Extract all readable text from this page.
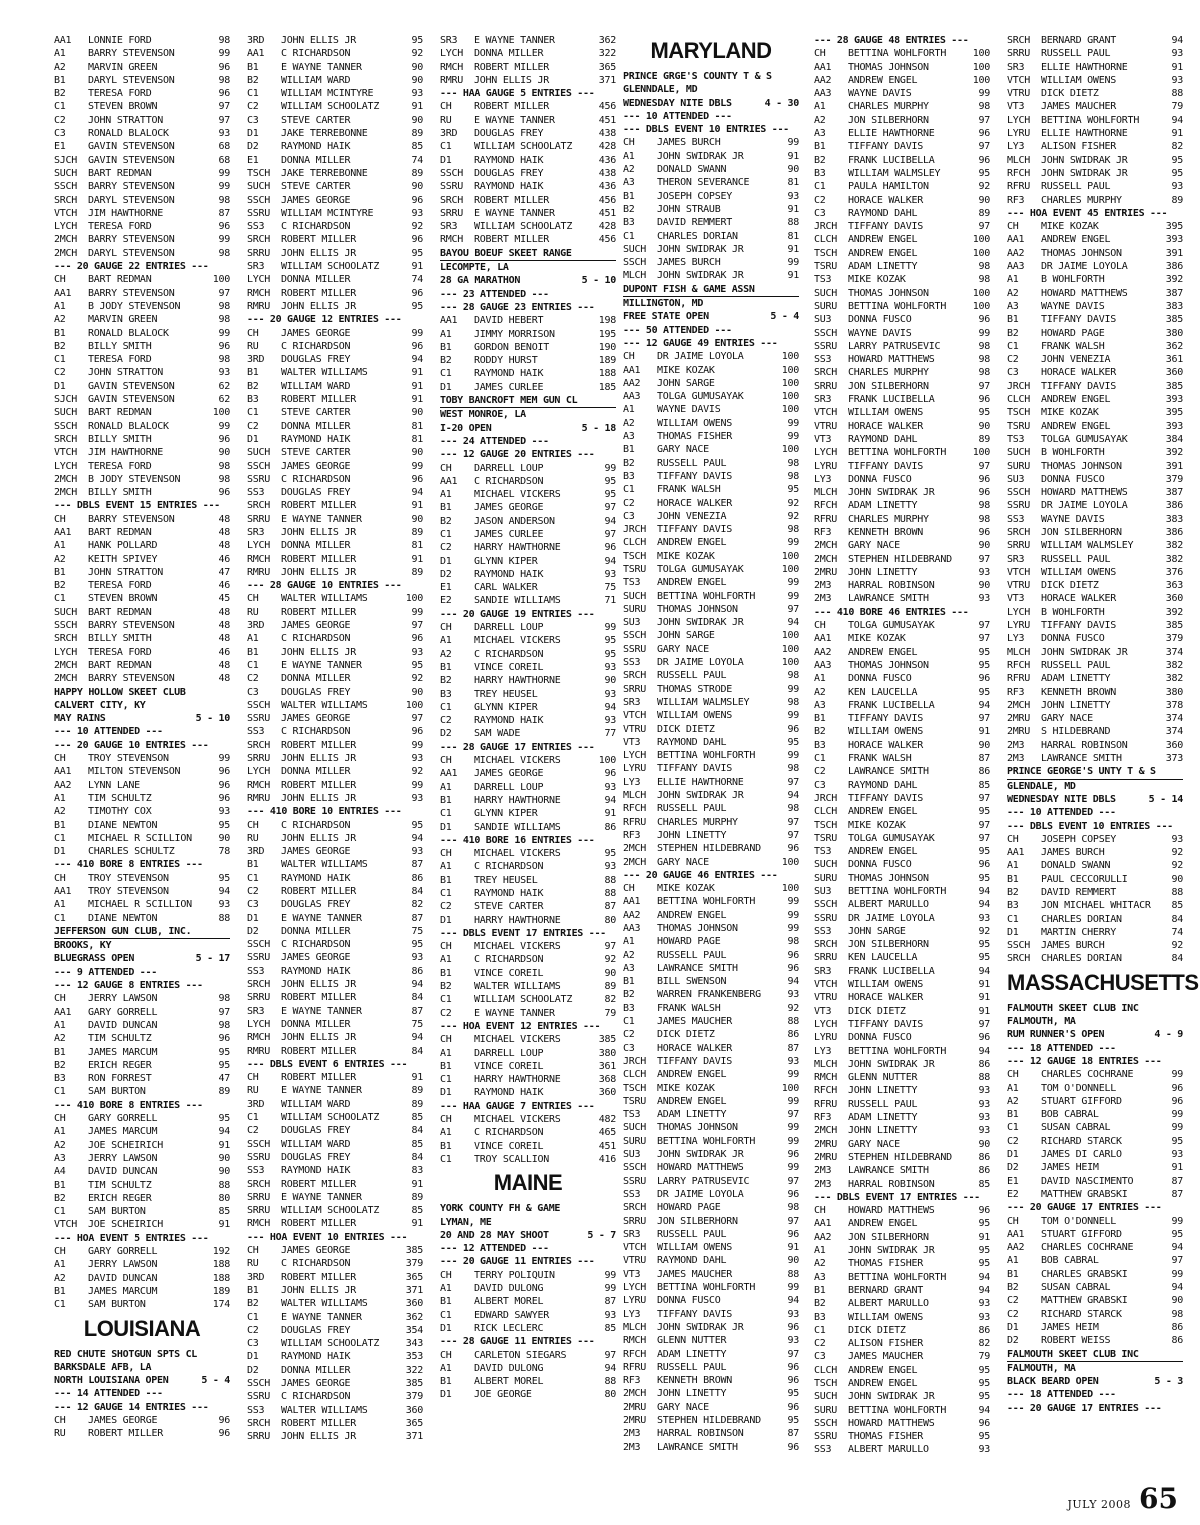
AA1	LONNIE FORD	98
A1	BARRY STEVENSON	99
A2	MARVIN GREEN	96
B1	DARYL STEVENSON	98
B2	TERESA FORD	96
C1	STEVEN BROWN	97
C2	JOHN STRATTON	97
C3	RONALD BLALOCK	93
E1	GAVIN STEVENSON	68
SJCH	GAVIN STEVENSON	68
SUCH	BART REDMAN	99
SSCH	BARRY STEVENSON	99
SRCH	DARYL STEVENSON	98
VTCH	JIM HAWTHORNE	87
LYCH	TERESA FORD	96
2MCH	BARRY STEVENSON	99
2MCH	DARYL STEVENSON	98
--- 20 GAUGE 22 ENTRIES ---
CH	BART REDMAN	100
AA1	BARRY STEVENSON	97
A1	B JODY STEVENSON	98
A2	MARVIN GREEN	98
B1	RONALD BLALOCK	99
B2	BILLY SMITH	96
C1	TERESA FORD	98
C2	JOHN STRATTON	93
D1	GAVIN STEVENSON	62
SJCH	GAVIN STEVENSON	62
SUCH	BART REDMAN	100
SSCH	RONALD BLALOCK	99
SRCH	BILLY SMITH	96
VTCH	JIM HAWTHORNE	90
LYCH	TERESA FORD	98
2MCH	B JODY STEVENSON	98
2MCH	BILLY SMITH	96
--- DBLS EVENT 15 ENTRIES ---
CH	BARRY STEVENSON	48
AA1	BART REDMAN	48
A1	HANK POLLARD	48
A2	KEITH SPIVEY	46
B1	JOHN STRATTON	47
B2	TERESA FORD	46
C1	STEVEN BROWN	45
SUCH	BART REDMAN	48
SSCH	BARRY STEVENSON	48
SRCH	BILLY SMITH	48
LYCH	TERESA FORD	46
2MCH	BART REDMAN	48
2MCH	BARRY STEVENSON	48
HAPPY HOLLOW SKEET CLUB
CALVERT CITY, KY
MAY RAINS	5 - 10
--- 10 ATTENDED ---
--- 20 GAUGE 10 ENTRIES ---
CH	TROY STEVENSON	99
AA1	MILTON STEVENSON	96
AA2	LYNN LANE	96
A1	TIM SCHULTZ	96
A2	TIMOTHY COX	93
B1	DIANE NEWTON	95
C1	MICHAEL R SCILLION	90
D1	CHARLES SCHULTZ	78
--- 410 BORE 8 ENTRIES ---
CH	TROY STEVENSON	95
AA1	TROY STEVENSON	94
A1	MICHAEL R SCILLION	93
C1	DIANE NEWTON	88
JEFFERSON GUN CLUB, INC.
BROOKS, KY
BLUEGRASS OPEN	5 - 17
--- 9 ATTENDED ---
--- 12 GAUGE 8 ENTRIES ---
CH	JERRY LAWSON	98
AA1	GARY GORRELL	97
A1	DAVID DUNCAN	98
A2	TIM SCHULTZ	96
B1	JAMES MARCUM	95
B2	ERICH REGER	95
B3	RON FORREST	47
C1	SAM BURTON	89
--- 410 BORE 8 ENTRIES ---
CH	GARY GORRELL	95
A1	JAMES MARCUM	94
A2	JOE SCHEIRICH	91
A3	JERRY LAWSON	90
A4	DAVID DUNCAN	90
B1	TIM SCHULTZ	88
B2	ERICH REGER	80
C1	SAM BURTON	85
VTCH	JOE SCHEIRICH	91
--- HOA EVENT 5 ENTRIES ---
CH	GARY GORRELL	192
A1	JERRY LAWSON	188
A2	DAVID DUNCAN	188
B1	JAMES MARCUM	189
C1	SAM BURTON	174
LOUISIANA
RED CHUTE SHOTGUN SPTS CL
BARKSDALE AFB, LA
NORTH LOUISIANA OPEN	5 - 4
--- 14 ATTENDED ---
--- 12 GAUGE 14 ENTRIES ---
CH	JAMES GEORGE	96
RU	ROBERT MILLER	96
3RD	JOHN ELLIS JR	95
AA1	C RICHARDSON	92
B1	E WAYNE TANNER	90
B2	WILLIAM WARD	90
C1	WILLIAM MCINTYRE	93
C2	WILLIAM SCHOOLATZ	91
C3	STEVE CARTER	90
D1	JAKE TERREBONNE	89
D2	RAYMOND HAIK	85
E1	DONNA MILLER	74
TSCH	JAKE TERREBONNE	89
SUCH	STEVE CARTER	90
SSCH	JAMES GEORGE	96
SSRU	WILLIAM MCINTYRE	93
SS3	C RICHARDSON	92
SRCH	ROBERT MILLER	96
SRRU	JOHN ELLIS JR	95
SR3	WILLIAM SCHOOLATZ	91
LYCH	DONNA MILLER	74
RMCH	ROBERT MILLER	96
RMRU	JOHN ELLIS JR	95
--- 20 GAUGE 12 ENTRIES ---
CH	JAMES GEORGE	99
RU	C RICHARDSON	96
3RD	DOUGLAS FREY	94
B1	WALTER WILLIAMS	91
B2	WILLIAM WARD	91
B3	ROBERT MILLER	91
C1	STEVE CARTER	90
C2	DONNA MILLER	81
D1	RAYMOND HAIK	81
SUCH	STEVE CARTER	90
SSCH	JAMES GEORGE	99
SSRU	C RICHARDSON	96
SS3	DOUGLAS FREY	94
SRCH	ROBERT MILLER	91
SRRU	E WAYNE TANNER	90
SR3	JOHN ELLIS JR	89
LYCH	DONNA MILLER	81
RMCH	ROBERT MILLER	91
RMRU	JOHN ELLIS JR	89
--- 28 GAUGE 10 ENTRIES ---
CH	WALTER WILLIAMS	100
RU	ROBERT MILLER	99
3RD	JAMES GEORGE	97
A1	C RICHARDSON	96
B1	JOHN ELLIS JR	93
C1	E WAYNE TANNER	95
C2	DONNA MILLER	92
C3	DOUGLAS FREY	90
SSCH	WALTER WILLIAMS	100
SSRU	JAMES GEORGE	97
SS3	C RICHARDSON	96
SRCH	ROBERT MILLER	99
SRRU	JOHN ELLIS JR	93
LYCH	DONNA MILLER	92
RMCH	ROBERT MILLER	99
RMRU	JOHN ELLIS JR	93
--- 410 BORE 10 ENTRIES ---
CH	C RICHARDSON	95
RU	JOHN ELLIS JR	94
3RD	JAMES GEORGE	93
B1	WALTER WILLIAMS	87
C1	RAYMOND HAIK	86
C2	ROBERT MILLER	84
C3	DOUGLAS FREY	82
D1	E WAYNE TANNER	87
D2	DONNA MILLER	75
SSCH	C RICHARDSON	95
SSRU	JAMES GEORGE	93
SS3	RAYMOND HAIK	86
SRCH	JOHN ELLIS JR	94
SRRU	ROBERT MILLER	84
SR3	E WAYNE TANNER	87
LYCH	DONNA MILLER	75
RMCH	JOHN ELLIS JR	94
RMRU	ROBERT MILLER	84
--- DBLS EVENT 6 ENTRIES ---
CH	ROBERT MILLER	91
RU	E WAYNE TANNER	89
3RD	WILLIAM WARD	89
C1	WILLIAM SCHOOLATZ	85
C2	DOUGLAS FREY	84
SSCH	WILLIAM WARD	85
SSRU	DOUGLAS FREY	84
SS3	RAYMOND HAIK	83
SRCH	ROBERT MILLER	91
SRRU	E WAYNE TANNER	89
SRRU	WILLIAM SCHOOLATZ	85
RMCH	ROBERT MILLER	91
--- HOA EVENT 10 ENTRIES ---
CH	JAMES GEORGE	385
RU	C RICHARDSON	379
3RD	ROBERT MILLER	365
B1	JOHN ELLIS JR	371
B2	WALTER WILLIAMS	360
C1	E WAYNE TANNER	362
C2	DOUGLAS FREY	354
C3	WILLIAM SCHOOLATZ	343
D1	RAYMOND HAIK	353
D2	DONNA MILLER	322
SSCH	JAMES GEORGE	385
SSRU	C RICHARDSON	379
SS3	WALTER WILLIAMS	360
SRCH	ROBERT MILLER	365
SRRU	JOHN ELLIS JR	371
SR3	E WAYNE TANNER	362
LYCH	DONNA MILLER	322
RMCH	ROBERT MILLER	365
RMRU	JOHN ELLIS JR	371
--- HAA GAUGE 5 ENTRIES ---
CH	ROBERT MILLER	456
RU	E WAYNE TANNER	451
3RD	DOUGLAS FREY	438
C1	WILLIAM SCHOOLATZ	428
D1	RAYMOND HAIK	436
SSCH	DOUGLAS FREY	438
SSRU	RAYMOND HAIK	436
SRCH	ROBERT MILLER	456
SRRU	E WAYNE TANNER	451
SR3	WILLIAM SCHOOLATZ	428
RMCH	ROBERT MILLER	456
BAYOU BOEUF SKEET RANGE
LECOMPTE, LA
28 GA MARATHON	5 - 10
--- 23 ATTENDED ---
--- 28 GAUGE 23 ENTRIES ---
AA1	DAVID HEBERT	198
A1	JIMMY MORRISON	195
B1	GORDON BENOIT	190
B2	RODDY HURST	189
C1	RAYMOND HAIK	188
D1	JAMES CURLEE	185
TOBY BANCROFT MEM GUN CL
WEST MONROE, LA
I-20 OPEN	5 - 18
--- 24 ATTENDED ---
--- 12 GAUGE 20 ENTRIES ---
CH	DARRELL LOUP	99
AA1	C RICHARDSON	95
A1	MICHAEL VICKERS	95
B1	JAMES GEORGE	97
B2	JASON ANDERSON	94
C1	JAMES CURLEE	97
C2	HARRY HAWTHORNE	96
D1	GLYNN KIPER	94
D2	RAYMOND HAIK	93
E1	CARL WALKER	75
E2	SANDIE WILLIAMS	71
--- 20 GAUGE 19 ENTRIES ---
CH	DARRELL LOUP	99
A1	MICHAEL VICKERS	95
A2	C RICHARDSON	95
B1	VINCE COREIL	93
B2	HARRY HAWTHORNE	90
B3	TREY HEUSEL	93
C1	GLYNN KIPER	94
C2	RAYMOND HAIK	93
D2	SAM WADE	77
--- 28 GAUGE 17 ENTRIES ---
CH	MICHAEL VICKERS	100
AA1	JAMES GEORGE	96
A1	DARRELL LOUP	93
B1	HARRY HAWTHORNE	94
C1	GLYNN KIPER	91
D1	SANDIE WILLIAMS	86
--- 410 BORE 16 ENTRIES ---
CH	MICHAEL VICKERS	95
A1	C RICHARDSON	93
B1	TREY HEUSEL	88
C1	RAYMOND HAIK	88
C2	STEVE CARTER	87
D1	HARRY HAWTHORNE	80
--- DBLS EVENT 17 ENTRIES ---
CH	MICHAEL VICKERS	97
A1	C RICHARDSON	92
B1	VINCE COREIL	90
B2	WALTER WILLIAMS	89
C1	WILLIAM SCHOOLATZ	82
C2	E WAYNE TANNER	79
--- HOA EVENT 12 ENTRIES ---
CH	MICHAEL VICKERS	385
A1	DARRELL LOUP	380
B1	VINCE COREIL	361
C1	HARRY HAWTHORNE	368
D1	RAYMOND HAIK	360
--- HAA GAUGE 7 ENTRIES ---
CH	MICHAEL VICKERS	482
A1	C RICHARDSON	465
B1	VINCE COREIL	451
C1	TROY SCALLION	416
MAINE
YORK COUNTY FH & GAME
LYMAN, ME
20 AND 28 MAY SHOOT	5 - 7
--- 12 ATTENDED ---
--- 20 GAUGE 11 ENTRIES ---
CH	TERRY POLIQUIN	99
A1	DAVID DULONG	99
B1	ALBERT MOREL	87
C1	EDWARD SAWYER	93
D1	RICK LECLERC	85
--- 28 GAUGE 11 ENTRIES ---
CH	CARLETON SIEGARS	97
A1	DAVID DULONG	94
B1	ALBERT MOREL	88
D1	JOE GEORGE	80
MARYLAND
PRINCE GRGE'S COUNTY T & S
GLENNDALE, MD
WEDNESDAY NITE DBLS	4 - 30
--- 10 ATTENDED ---
--- DBLS EVENT 10 ENTRIES ---
CH	JAMES BURCH	99
A1	JOHN SWIDRAK JR	91
A2	DONALD SWANN	90
A3	THERON SEVERANCE	81
B1	JOSEPH COPSEY	93
B2	JOHN STRAUB	91
B3	DAVID REMMERT	88
C1	CHARLES DORIAN	81
SUCH	JOHN SWIDRAK JR	91
SSCH	JAMES BURCH	99
MLCH	JOHN SWIDRAK JR	91
DUPONT FISH & GAME ASSN
MILLINGTON, MD
FREE STATE OPEN	5 - 4
--- 50 ATTENDED ---
--- 12 GAUGE 49 ENTRIES ---
CH	DR JAIME LOYOLA	100
AA1	MIKE KOZAK	100
AA2	JOHN SARGE	100
AA3	TOLGA GUMUSAYAK	100
A1	WAYNE DAVIS	100
A2	WILLIAM OWENS	99
A3	THOMAS FISHER	99
B1	GARY NACE	100
B2	RUSSELL PAUL	98
B3	TIFFANY DAVIS	98
C1	FRANK WALSH	95
C2	HORACE WALKER	92
C3	JOHN VENEZIA	92
JRCH	TIFFANY DAVIS	98
CLCH	ANDREW ENGEL	99
TSCH	MIKE KOZAK	100
TSRU	TOLGA GUMUSAYAK	100
TS3	ANDREW ENGEL	99
SUCH	BETTINA WOHLFORTH	99
SURU	THOMAS JOHNSON	97
SU3	JOHN SWIDRAK JR	94
SSCH	JOHN SARGE	100
SSRU	GARY NACE	100
SS3	DR JAIME LOYOLA	100
SRCH	RUSSELL PAUL	98
SRRU	THOMAS STRODE	99
SR3	WILLIAM WALMSLEY	98
VTCH	WILLIAM OWENS	99
VTRU	DICK DIETZ	96
VT3	RAYMOND DAHL	95
LYCH	BETTINA WOHLFORTH	99
LYRU	TIFFANY DAVIS	98
LY3	ELLIE HAWTHORNE	97
MLCH	JOHN SWIDRAK JR	94
RFCH	RUSSELL PAUL	98
RFRU	CHARLES MURPHY	97
RF3	JOHN LINETTY	97
2MCH	STEPHEN HILDEBRAND	96
2MCH	GARY NACE	100
--- 20 GAUGE 46 ENTRIES ---
CH	MIKE KOZAK	100
AA1	BETTINA WOHLFORTH	99
AA2	ANDREW ENGEL	99
AA3	THOMAS JOHNSON	99
A1	HOWARD PAGE	98
A2	RUSSELL PAUL	96
A3	LAWRANCE SMITH	96
B1	BILL SWENSON	94
B2	WARREN FRANKENBERG	93
B3	FRANK WALSH	92
C1	JAMES MAUCHER	88
C2	DICK DIETZ	86
C3	HORACE WALKER	87
JRCH	TIFFANY DAVIS	93
CLCH	ANDREW ENGEL	99
TSCH	MIKE KOZAK	100
TSRU	ANDREW ENGEL	99
TS3	ADAM LINETTY	97
SUCH	THOMAS JOHNSON	99
SURU	BETTINA WOHLFORTH	99
SU3	JOHN SWIDRAK JR	96
SSCH	HOWARD MATTHEWS	99
SSRU	LARRY PATRUSEVIC	97
SS3	DR JAIME LOYOLA	96
SRCH	HOWARD PAGE	98
SRRU	JON SILBERHORN	97
SR3	RUSSELL PAUL	96
VTCH	WILLIAM OWENS	91
VTRU	RAYMOND DAHL	90
VT3	JAMES MAUCHER	88
LYCH	BETTINA WOHLFORTH	99
LYRU	DONNA FUSCO	94
LY3	TIFFANY DAVIS	93
MLCH	JOHN SWIDRAK JR	96
RMCH	GLENN NUTTER	93
RFCH	ADAM LINETTY	97
RFRU	RUSSELL PAUL	96
RF3	KENNETH BROWN	96
2MCH	JOHN LINETTY	95
2MRU	GARY NACE	96
2MRU	STEPHEN HILDEBRAND	95
2M3	HARRAL ROBINSON	87
2M3	LAWRANCE SMITH	96
--- 28 GAUGE 48 ENTRIES ---
CH	BETTINA WOHLFORTH	100
AA1	THOMAS JOHNSON	100
AA2	ANDREW ENGEL	100
AA3	WAYNE DAVIS	99
A1	CHARLES MURPHY	98
A2	JON SILBERHORN	97
A3	ELLIE HAWTHORNE	96
B1	TIFFANY DAVIS	97
B2	FRANK LUCIBELLA	96
B3	WILLIAM WALMSLEY	95
C1	PAULA HAMILTON	92
C2	HORACE WALKER	90
C3	RAYMOND DAHL	89
JRCH	TIFFANY DAVIS	97
CLCH	ANDREW ENGEL	100
TSCH	ANDREW ENGEL	100
TSRU	ADAM LINETTY	98
TS3	MIKE KOZAK	98
SUCH	THOMAS JOHNSON	100
SURU	BETTINA WOHLFORTH	100
SU3	DONNA FUSCO	96
SSCH	WAYNE DAVIS	99
SSRU	LARRY PATRUSEVIC	98
SS3	HOWARD MATTHEWS	98
SRCH	CHARLES MURPHY	98
SRRU	JON SILBERHORN	97
SR3	FRANK LUCIBELLA	96
VTCH	WILLIAM OWENS	95
VTRU	HORACE WALKER	90
VT3	RAYMOND DAHL	89
LYCH	BETTINA WOHLFORTH	100
LYRU	TIFFANY DAVIS	97
LY3	DONNA FUSCO	96
MLCH	JOHN SWIDRAK JR	96
RFCH	ADAM LINETTY	98
RFRU	CHARLES MURPHY	98
RF3	KENNETH BROWN	96
2MCH	GARY NACE	90
2MCH	STEPHEN HILDEBRAND	97
2MRU	JOHN LINETTY	93
2M3	HARRAL ROBINSON	90
2M3	LAWRANCE SMITH	93
--- 410 BORE 46 ENTRIES ---
CH	TOLGA GUMUSAYAK	97
AA1	MIKE KOZAK	97
AA2	ANDREW ENGEL	95
AA3	THOMAS JOHNSON	95
A1	DONNA FUSCO	96
A2	KEN LAUCELLA	95
A3	FRANK LUCIBELLA	94
B1	TIFFANY DAVIS	97
B2	WILLIAM OWENS	91
B3	HORACE WALKER	90
C1	FRANK WALSH	87
C2	LAWRANCE SMITH	86
C3	RAYMOND DAHL	85
JRCH	TIFFANY DAVIS	97
CLCH	ANDREW ENGEL	95
TSCH	MIKE KOZAK	97
TSRU	TOLGA GUMUSAYAK	97
TS3	ANDREW ENGEL	95
SUCH	DONNA FUSCO	96
SURU	THOMAS JOHNSON	95
SU3	BETTINA WOHLFORTH	94
SSCH	ALBERT MARULLO	94
SSRU	DR JAIME LOYOLA	93
SS3	JOHN SARGE	92
SRCH	JON SILBERHORN	95
SRRU	KEN LAUCELLA	95
SR3	FRANK LUCIBELLA	94
VTCH	WILLIAM OWENS	91
VTRU	HORACE WALKER	91
VT3	DICK DIETZ	91
LYCH	TIFFANY DAVIS	97
LYRU	DONNA FUSCO	96
LY3	BETTINA WOHLFORTH	94
MLCH	JOHN SWIDRAK JR	86
RMCH	GLENN NUTTER	88
RFCH	JOHN LINETTY	93
RFRU	RUSSELL PAUL	93
RF3	ADAM LINETTY	93
2MCH	JOHN LINETTY	93
2MRU	GARY NACE	90
2MRU	STEPHEN HILDEBRAND	86
2M3	LAWRANCE SMITH	86
2M3	HARRAL ROBINSON	85
--- DBLS EVENT 17 ENTRIES ---
CH	HOWARD MATTHEWS	96
AA1	ANDREW ENGEL	95
AA2	JON SILBERHORN	91
A1	JOHN SWIDRAK JR	95
A2	THOMAS FISHER	95
A3	BETTINA WOHLFORTH	94
B1	BERNARD GRANT	94
B2	ALBERT MARULLO	93
B3	WILLIAM OWENS	93
C1	DICK DIETZ	86
C2	ALISON FISHER	82
C3	JAMES MAUCHER	79
CLCH	ANDREW ENGEL	95
TSCH	ANDREW ENGEL	95
SUCH	JOHN SWIDRAK JR	95
SURU	BETTINA WOHLFORTH	94
SSCH	HOWARD MATTHEWS	96
SSRU	THOMAS FISHER	95
SS3	ALBERT MARULLO	93
SRCH	BERNARD GRANT	94
SRRU	RUSSELL PAUL	93
SR3	ELLIE HAWTHORNE	91
VTCH	WILLIAM OWENS	93
VTRU	DICK DIETZ	88
VT3	JAMES MAUCHER	79
LYCH	BETTINA WOHLFORTH	94
LYRU	ELLIE HAWTHORNE	91
LY3	ALISON FISHER	82
MLCH	JOHN SWIDRAK JR	95
RFCH	JOHN SWIDRAK JR	95
RFRU	RUSSELL PAUL	93
RF3	CHARLES MURPHY	89
--- HOA EVENT 45 ENTRIES ---
CH	MIKE KOZAK	395
AA1	ANDREW ENGEL	393
AA2	THOMAS JOHNSON	391
AA3	DR JAIME LOYOLA	386
A1	B WOHLFORTH	392
A2	HOWARD MATTHEWS	387
A3	WAYNE DAVIS	383
B1	TIFFANY DAVIS	385
B2	HOWARD PAGE	380
C1	FRANK WALSH	362
C2	JOHN VENEZIA	361
C3	HORACE WALKER	360
JRCH	TIFFANY DAVIS	385
CLCH	ANDREW ENGEL	393
TSCH	MIKE KOZAK	395
TSRU	ANDREW ENGEL	393
TS3	TOLGA GUMUSAYAK	384
SUCH	B WOHLFORTH	392
SURU	THOMAS JOHNSON	391
SU3	DONNA FUSCO	379
SSCH	HOWARD MATTHEWS	387
SSRU	DR JAIME LOYOLA	386
SS3	WAYNE DAVIS	383
SRCH	JON SILBERHORN	386
SRRU	WILLIAM WALMSLEY	382
SR3	RUSSELL PAUL	382
VTCH	WILLIAM OWENS	376
VTRU	DICK DIETZ	363
VT3	HORACE WALKER	360
LYCH	B WOHLFORTH	392
LYRU	TIFFANY DAVIS	385
LY3	DONNA FUSCO	379
MLCH	JOHN SWIDRAK JR	374
RFCH	RUSSELL PAUL	382
RFRU	ADAM LINETTY	382
RF3	KENNETH BROWN	380
2MCH	JOHN LINETTY	378
2MRU	GARY NACE	374
2MRU	S HILDEBRAND	374
2M3	HARRAL ROBINSON	360
2M3	LAWRANCE SMITH	373
PRINCE GEORGE'S UNTY T & S
GLENDALE, MD
WEDNESDAY NITE DBLS	5 - 14
--- 10 ATTENDED ---
--- DBLS EVENT 10 ENTRIES ---
CH	JOSEPH COPSEY	93
AA1	JAMES BURCH	92
A1	DONALD SWANN	92
B1	PAUL CECCORULLI	90
B2	DAVID REMMERT	88
B3	JON MICHAEL WHITACR	85
C1	CHARLES DORIAN	84
D1	MARTIN CHERRY	74
SSCH	JAMES BURCH	92
SRCH	CHARLES DORIAN	84
MASSACHUSETTS
FALMOUTH SKEET CLUB INC
FALMOUTH, MA
RUM RUNNER'S OPEN	4 - 9
--- 18 ATTENDED ---
--- 12 GAUGE 18 ENTRIES ---
CH	CHARLES COCHRANE	99
A1	TOM O'DONNELL	96
A2	STUART GIFFORD	96
B1	BOB CABRAL	99
C1	SUSAN CABRAL	99
C2	RICHARD STARCK	95
D1	JAMES DI CARLO	93
D2	JAMES HEIM	91
E1	DAVID NASCIMENTO	87
E2	MATTHEW GRABSKI	87
--- 20 GAUGE 17 ENTRIES ---
CH	TOM O'DONNELL	99
AA1	STUART GIFFORD	95
AA2	CHARLES COCHRANE	94
A1	BOB CABRAL	97
B1	CHARLES GRABSKI	99
B2	SUSAN CABRAL	94
C2	MATTHEW GRABSKI	90
C2	RICHARD STARCK	98
D1	JAMES HEIM	86
D2	ROBERT WEISS	86
FALMOUTH SKEET CLUB INC
FALMOUTH, MA
BLACK BEARD OPEN	5 - 3
--- 18 ATTENDED ---
--- 20 GAUGE 17 ENTRIES ---
JULY 2008 65
